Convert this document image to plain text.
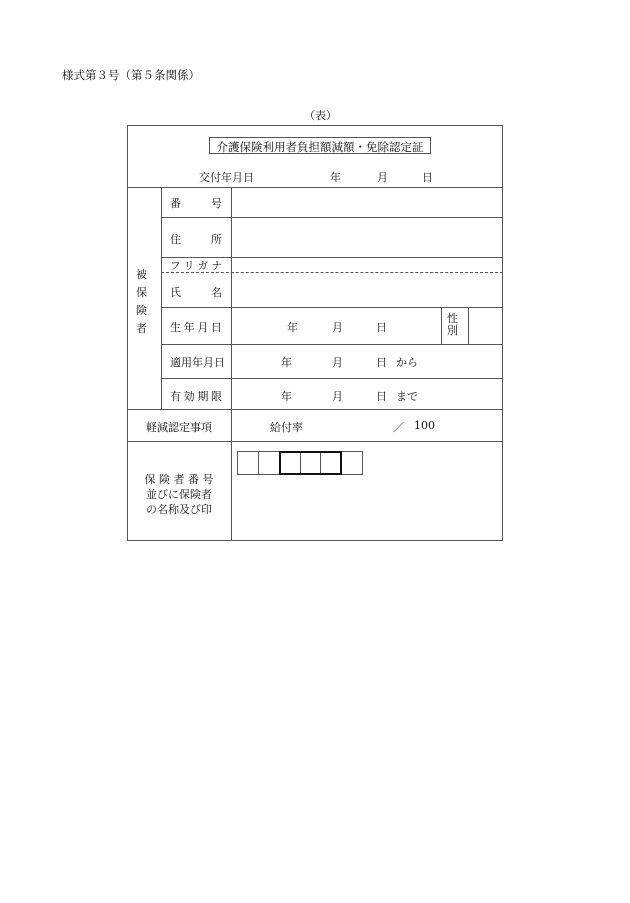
様式第３号（第５条関係）
（表）
介護保険利用者負担額減額・免除認定証
交付年月日	年	月	日
被
保
険
者
番	号
住	所
フ リ ガ ナ
氏	名
生 年 月 日	年	月	日
性
別
適用年月日	年	月	日 から
有 効 期 限	年	月	日 まで
軽減認定事項	給付率	／ 100
保 険 者 番 号
並びに保険者
の名称及び印
